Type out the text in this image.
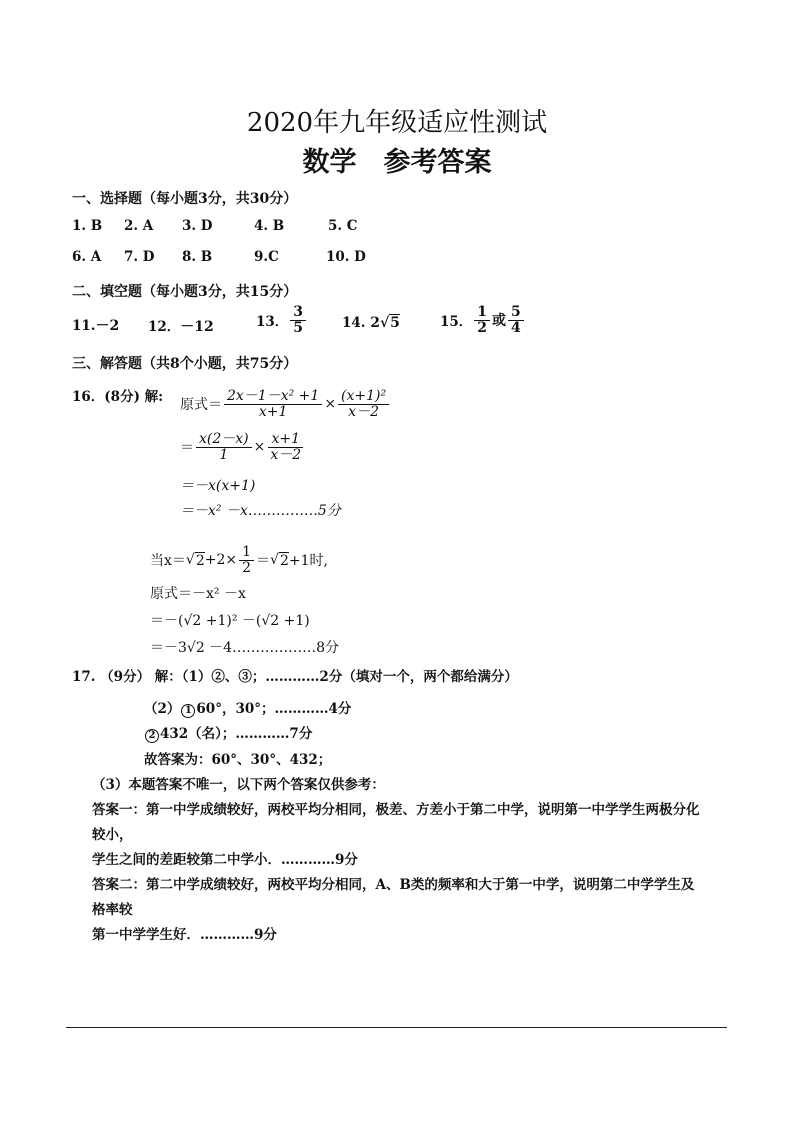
2020年九年级适应性测试
数学　参考答案
一、选择题（每小题3分，共30分）
1. B 2. A 3. D	4. B	5. C
6. A 7. D 8. B	9.C	10. D
二、填空题（每小题3分，共15分）
11.－2 12．－12	13． $\frac{3}{5}$	14. 2√5	15． $\frac{1}{2}$ 或 $\frac{5}{4}$
三、解答题（共8个小题，共75分）
16．(8分) 解:
原式＝ $\frac{\text{2x－1－x² +1}}{x+1} \times \frac{\text{(x+1)²}}{x-2}$
＝ $\frac{x(2-x)}{1} \times \frac{x+1}{x-2}$
＝－x(x+1)
＝－x² －x……………5分
当x＝ √ $2 +2\times \frac{1}{2}$ ＝ √ 2 +1时,
原式＝－x² －x
＝－(√2 +1)² －(√2 +1)
＝－3√2 －4………………8分
17. （9分） 解：（1）②、③；…………2分（填对一个，两个都给满分）
（2） 1 60°，30°；…………4分
2 432（名）；…………7分
故答案为：60°、30°、432；
（3）本题答案不唯一，以下两个答案仅供参考：
答案一：第一中学成绩较好，两校平均分相同，极差、方差小于第二中学，说明第一中学学生两极分化
较小，
学生之间的差距较第二中学小．…………9分
答案二：第二中学成绩较好，两校平均分相同，A、B类的频率和大于第一中学，说明第二中学学生及
格率较
第一中学学生好．…………9分
